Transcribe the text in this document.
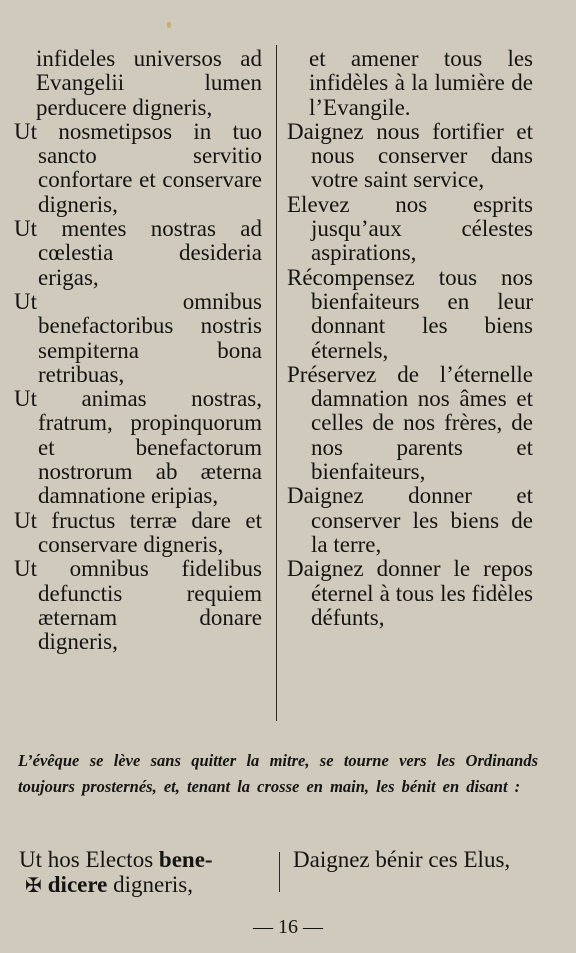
infideles universos ad Evangelii lumen perducere digneris,

Ut nosmetipsos in tuo sancto servitio confortare et conservare digneris,

Ut mentes nostras ad cœlestia desideria erigas,

Ut omnibus benefactoribus nostris sempiterna bona retribuas,

Ut animas nostras, fratrum, propinquorum et benefactorum nostrorum ab æterna damnatione eripias,

Ut fructus terræ dare et conservare digneris,

Ut omnibus fidelibus defunctis requiem æternam donare digneris,

et amener tous les infidèles à la lumière de l’Evangile.

Daignez nous fortifier et nous conserver dans votre saint service,

Elevez nos esprits jusqu’aux célestes aspirations,

Récompensez tous nos bienfaiteurs en leur donnant les biens éternels,

Préservez de l’éternelle damnation nos âmes et celles de nos frères, de nos parents et bienfaiteurs,

Daignez donner et conserver les biens de la terre,

Daignez donner le repos éternel à tous les fidèles défunts,

L’évêque se lève sans quitter la mitre, se tourne vers les Ordinands toujours prosternés, et, tenant la crosse en main, les bénit en disant :

Ut hos Electos bene-

✠ dicere digneris,

Daignez bénir ces Elus,

— 16 —
